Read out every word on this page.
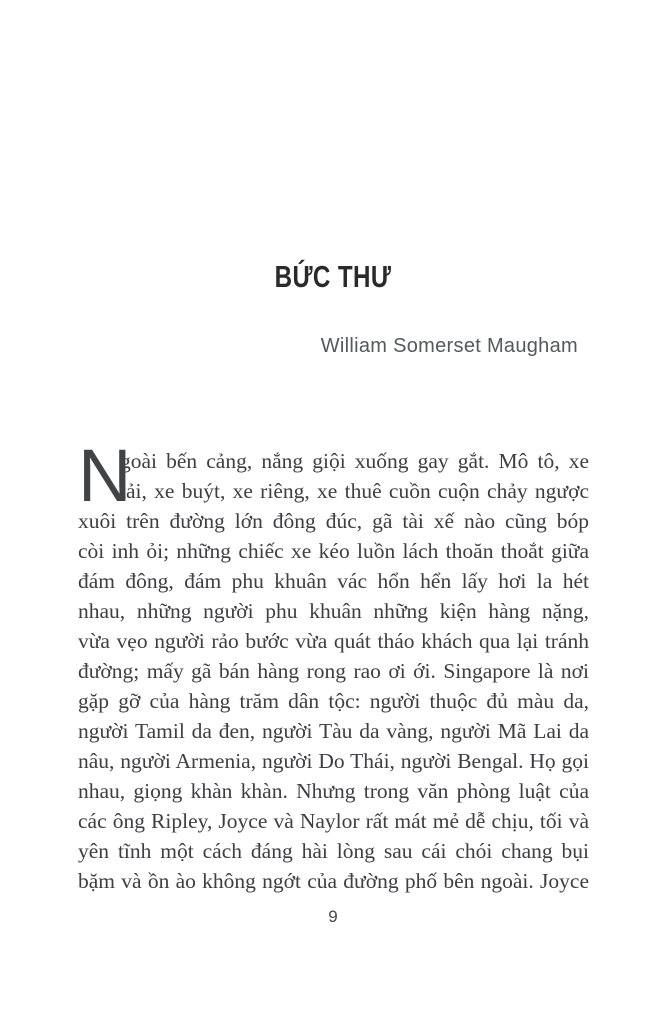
BỨC THƯ
William Somerset Maugham
N
goài bến cảng, nắng giội xuống gay gắt. Mô tô, xe
tải, xe buýt, xe riêng, xe thuê cuồn cuộn chảy ngược
xuôi trên đường lớn đông đúc, gã tài xế nào cũng bóp
còi inh ỏi; những chiếc xe kéo luồn lách thoăn thoắt giữa
đám đông, đám phu khuân vác hổn hển lấy hơi la hét
nhau, những người phu khuân những kiện hàng nặng,
vừa vẹo người rảo bước vừa quát tháo khách qua lại tránh
đường; mấy gã bán hàng rong rao ơi ới. Singapore là nơi
gặp gỡ của hàng trăm dân tộc: người thuộc đủ màu da,
người Tamil da đen, người Tàu da vàng, người Mã Lai da
nâu, người Armenia, người Do Thái, người Bengal. Họ gọi
nhau, giọng khàn khàn. Nhưng trong văn phòng luật của
các ông Ripley, Joyce và Naylor rất mát mẻ dễ chịu, tối và
yên tĩnh một cách đáng hài lòng sau cái chói chang bụi
bặm và ồn ào không ngớt của đường phố bên ngoài. Joyce
9
